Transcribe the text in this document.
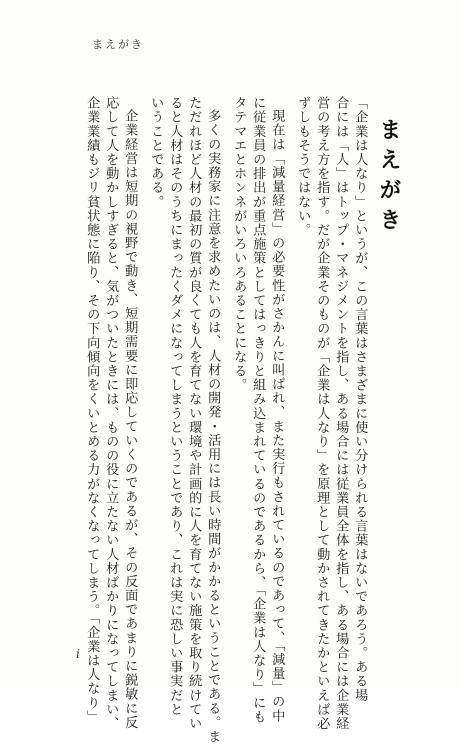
まえがき
まえがき
「企業は人なり」というが、この言葉はさまざまに使い分けられる言葉はないであろう。ある場
合には「人」はトップ・マネジメントを指し、ある場合には従業員全体を指し、ある場合には企業経
営の考え方を指す。だが企業そのものが「企業は人なり」を原理として動かされてきたかといえば必
ずしもそうではない。
現在は「減量経営」の必要性がさかんに叫ばれ、また実行もされているのであって、「減量」の中
に従業員の排出が重点施策としてはっきりと組み込まれているのであるから、「企業は人なり」にも
タテマエとホンネがいろいろあることになる。
多くの実務家に注意を求めたいのは、人材の開発・活用には長い時間がかかるということである。ま
ただれほど人材の最初の質が良くても人を育てない環境や計画的に人を育てない施策を取り続けてい
ると人材はそのうちにまったくダメになってしまうということであり、これは実に恐しい事実だと
いうことである。
企業経営は短期の視野で動き、短期需要に即応していくのであるが、その反面であまりに鋭敏に反
応して人を動かしすぎると、気がついたときには、ものの役に立たない人材ばかりになってしまい、
企業業績もジリ貧状態に陥り、その下向傾向をくいとめる力がなくなってしまう。「企業は人なり」
i
